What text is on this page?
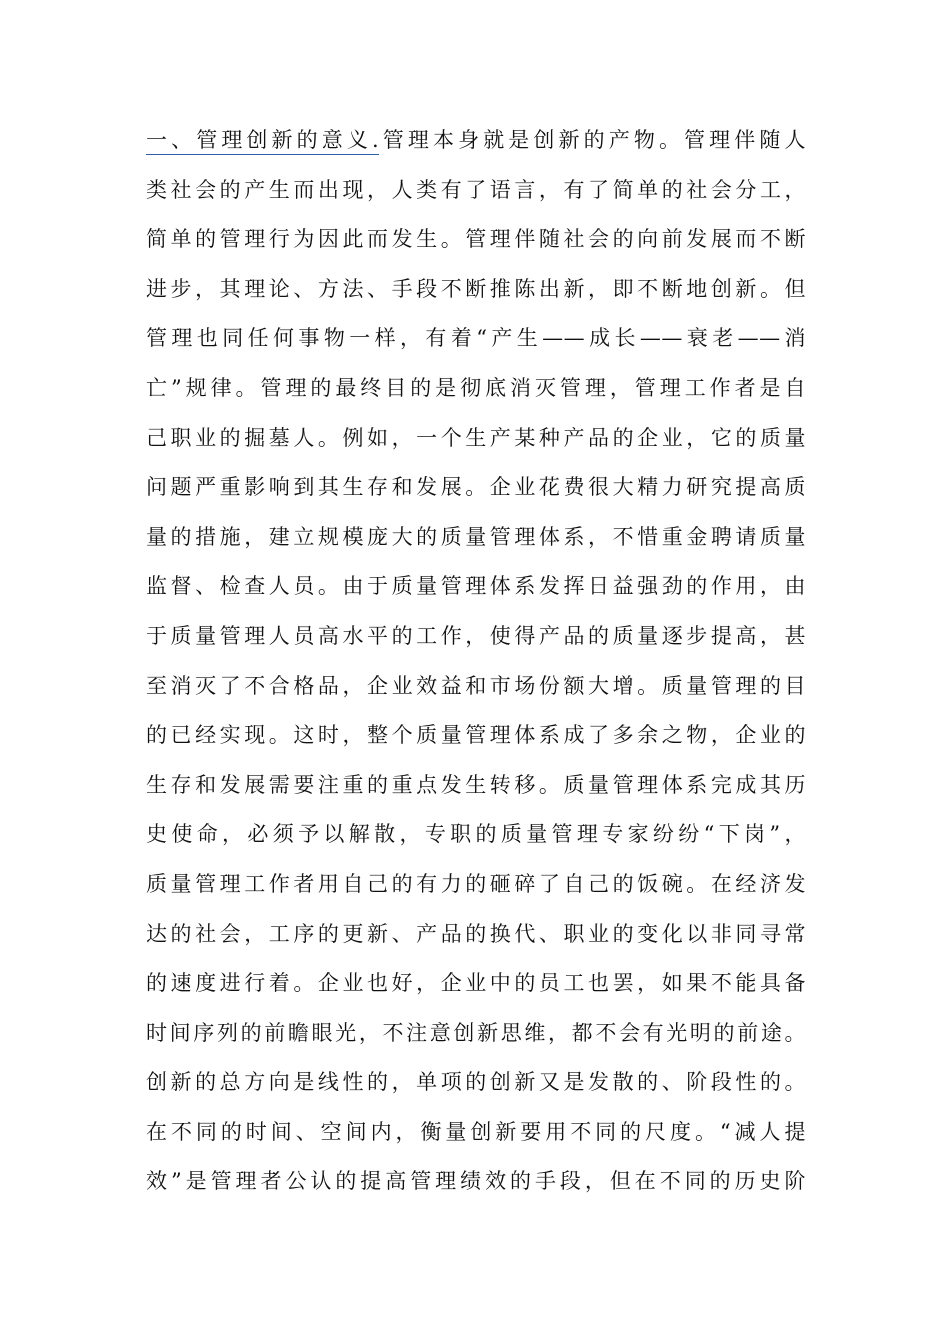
一、管理创新的意义.管理本身就是创新的产物。管理伴随人
类社会的产生而出现，人类有了语言，有了简单的社会分工，
简单的管理行为因此而发生。管理伴随社会的向前发展而不断
进步，其理论、方法、手段不断推陈出新，即不断地创新。但
管理也同任何事物一样，有着“产生——成长——衰老——消
亡”规律。管理的最终目的是彻底消灭管理，管理工作者是自
己职业的掘墓人。例如，一个生产某种产品的企业，它的质量
问题严重影响到其生存和发展。企业花费很大精力研究提高质
量的措施，建立规模庞大的质量管理体系，不惜重金聘请质量
监督、检查人员。由于质量管理体系发挥日益强劲的作用，由
于质量管理人员高水平的工作，使得产品的质量逐步提高，甚
至消灭了不合格品，企业效益和市场份额大增。质量管理的目
的已经实现。这时，整个质量管理体系成了多余之物，企业的
生存和发展需要注重的重点发生转移。质量管理体系完成其历
史使命，必须予以解散，专职的质量管理专家纷纷“下岗”，
质量管理工作者用自己的有力的砸碎了自己的饭碗。在经济发
达的社会，工序的更新、产品的换代、职业的变化以非同寻常
的速度进行着。企业也好，企业中的员工也罢，如果不能具备
时间序列的前瞻眼光，不注意创新思维，都不会有光明的前途。
创新的总方向是线性的，单项的创新又是发散的、阶段性的。
在不同的时间、空间内，衡量创新要用不同的尺度。“减人提
效”是管理者公认的提高管理绩效的手段，但在不同的历史阶
